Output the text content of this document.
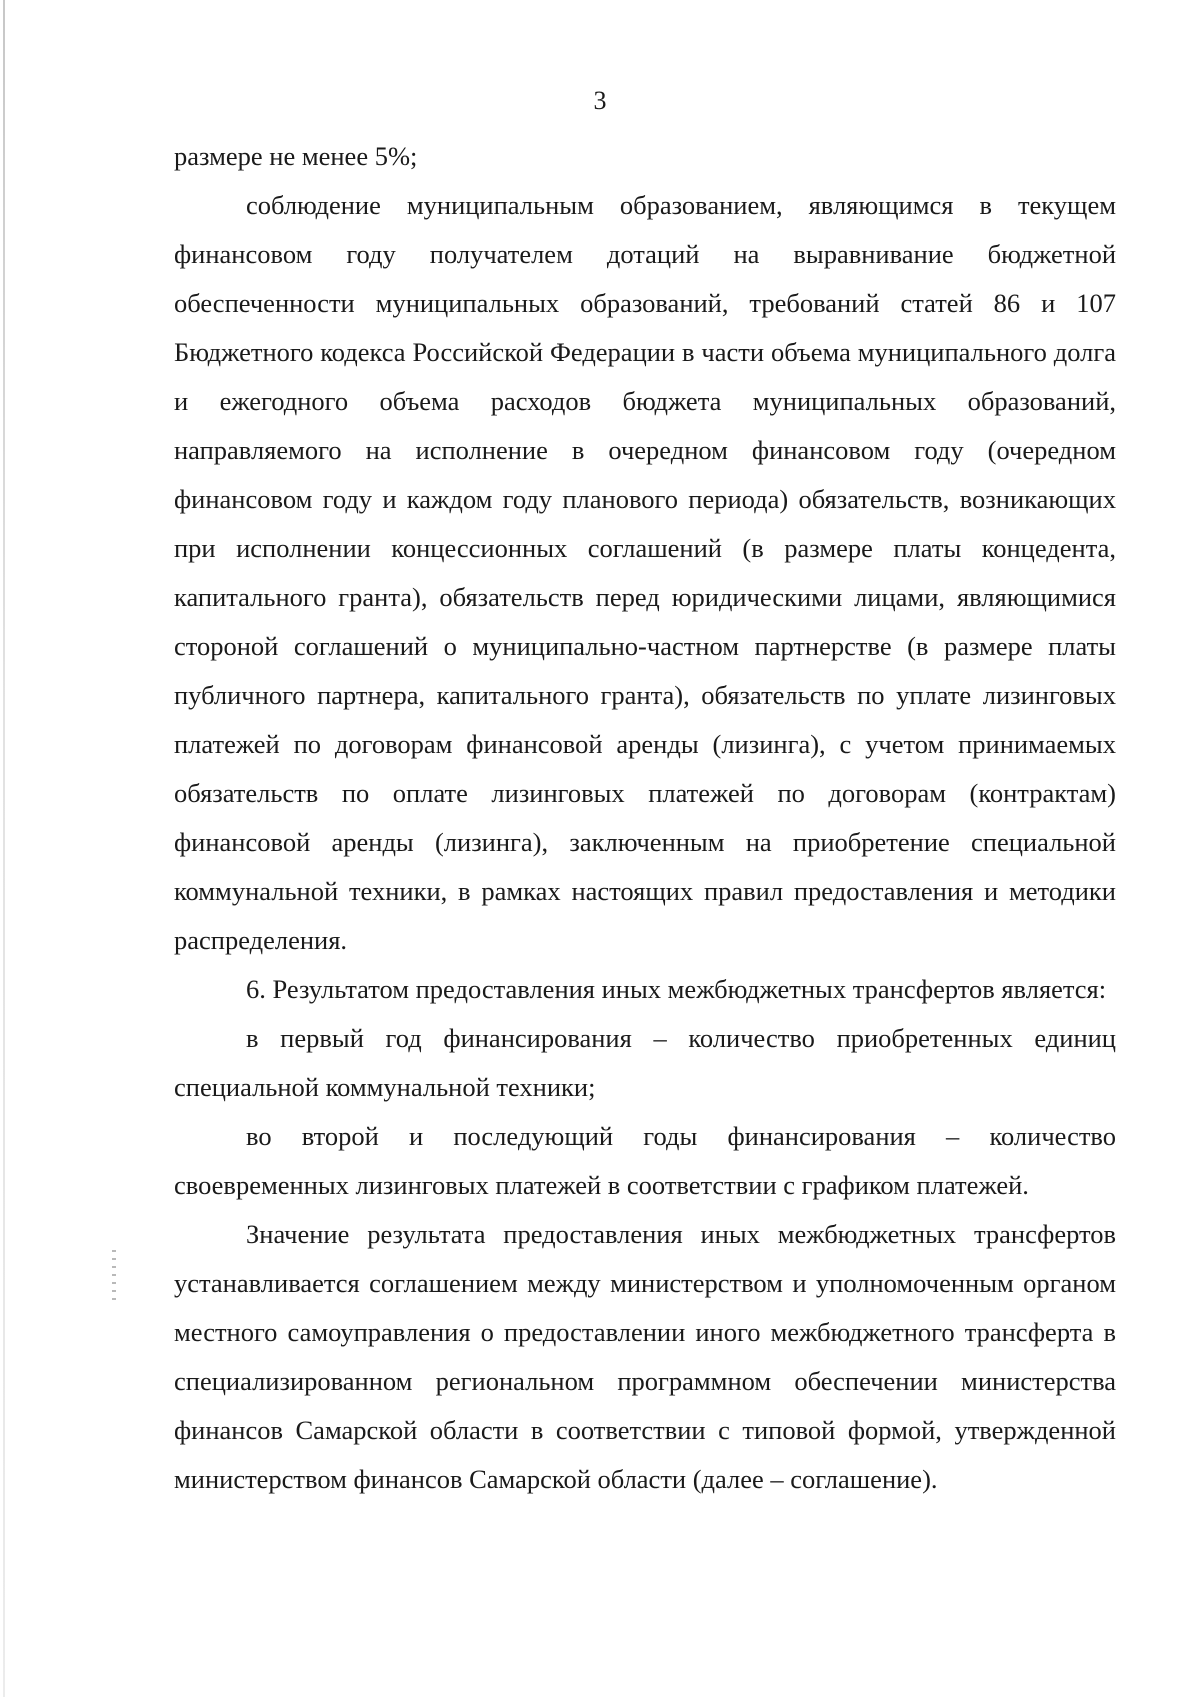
3

размере не менее 5%;

соблюдение муниципальным образованием, являющимся в текущем финансовом году получателем дотаций на выравнивание бюджетной обеспеченности муниципальных образований, требований статей 86 и 107 Бюджетного кодекса Российской Федерации в части объема муниципального долга и ежегодного объема расходов бюджета муниципальных образований, направляемого на исполнение в очередном финансовом году (очередном финансовом году и каждом году планового периода) обязательств, возникающих при исполнении концессионных соглашений (в размере платы концедента, капитального гранта), обязательств перед юридическими лицами, являющимися стороной соглашений о муниципально-частном партнерстве (в размере платы публичного партнера, капитального гранта), обязательств по уплате лизинговых платежей по договорам финансовой аренды (лизинга), с учетом принимаемых обязательств по оплате лизинговых платежей по договорам (контрактам) финансовой аренды (лизинга), заключенным на приобретение специальной коммунальной техники, в рамках настоящих правил предоставления и методики распределения.

6. Результатом предоставления иных межбюджетных трансфертов является:

в первый год финансирования – количество приобретенных единиц специальной коммунальной техники;

во второй и последующий годы финансирования – количество своевременных лизинговых платежей в соответствии с графиком платежей.

Значение результата предоставления иных межбюджетных трансфертов устанавливается соглашением между министерством и уполномоченным органом местного самоуправления о предоставлении иного межбюджетного трансферта в специализированном региональном программном обеспечении министерства финансов Самарской области в соответствии с типовой формой, утвержденной министерством финансов Самарской области (далее – соглашение).
